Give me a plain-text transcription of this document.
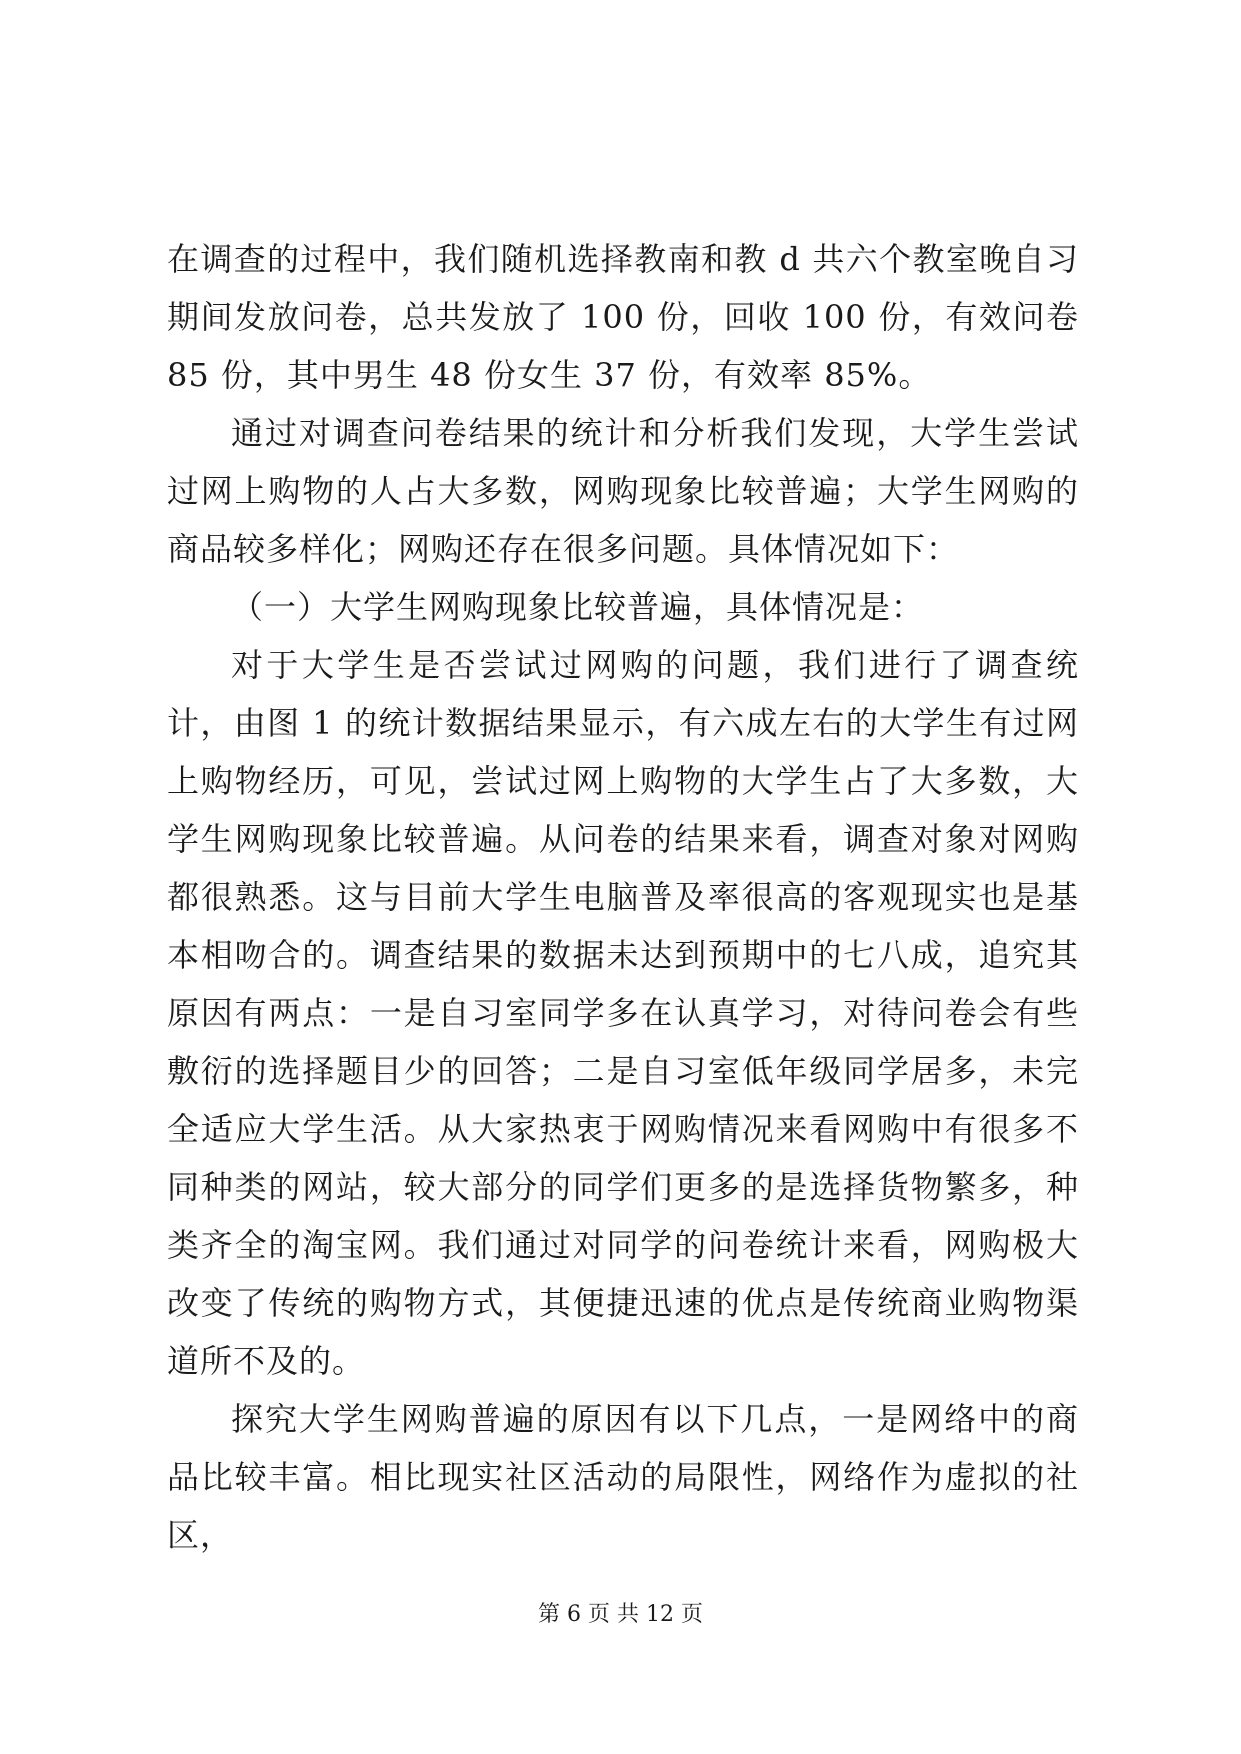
在调查的过程中，我们随机选择教南和教 d 共六个教室晚自习期间发放问卷，总共发放了 100 份，回收 100 份，有效问卷 85 份，其中男生 48 份女生 37 份，有效率 85%。

通过对调查问卷结果的统计和分析我们发现，大学生尝试过网上购物的人占大多数，网购现象比较普遍；大学生网购的商品较多样化；网购还存在很多问题。具体情况如下：

（一）大学生网购现象比较普遍，具体情况是：

对于大学生是否尝试过网购的问题，我们进行了调查统计，由图 1 的统计数据结果显示，有六成左右的大学生有过网上购物经历，可见，尝试过网上购物的大学生占了大多数，大学生网购现象比较普遍。从问卷的结果来看，调查对象对网购都很熟悉。这与目前大学生电脑普及率很高的客观现实也是基本相吻合的。调查结果的数据未达到预期中的七八成，追究其原因有两点：一是自习室同学多在认真学习，对待问卷会有些敷衍的选择题目少的回答；二是自习室低年级同学居多，未完全适应大学生活。从大家热衷于网购情况来看网购中有很多不同种类的网站，较大部分的同学们更多的是选择货物繁多，种类齐全的淘宝网。我们通过对同学的问卷统计来看，网购极大改变了传统的购物方式，其便捷迅速的优点是传统商业购物渠道所不及的。

探究大学生网购普遍的原因有以下几点，一是网络中的商品比较丰富。相比现实社区活动的局限性，网络作为虚拟的社区，

第 6 页 共 12 页
